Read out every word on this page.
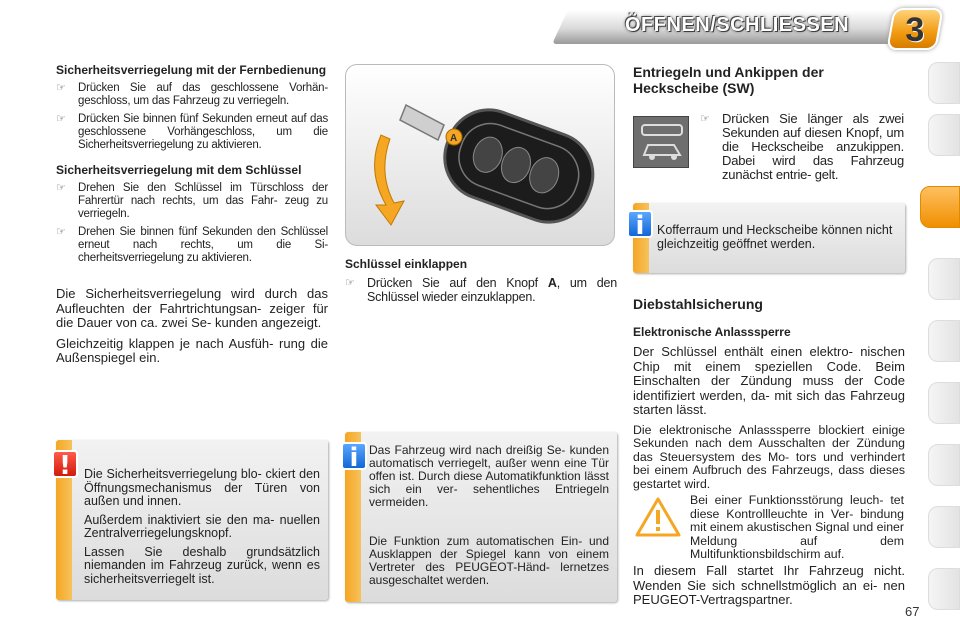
ÖFFNEN/SCHLIESSEN	3
Sicherheitsverriegelung mit der Fernbedienung
☞	Drücken Sie auf das geschlossene Vorhän- geschloss, um das Fahrzeug zu verriegeln.
☞	Drücken Sie binnen fünf Sekunden erneut auf das geschlossene Vorhängeschloss, um die Sicherheitsverriegelung zu aktivieren.
Sicherheitsverriegelung mit dem Schlüssel
☞	Drehen Sie den Schlüssel im Türschloss der Fahrertür nach rechts, um das Fahr- zeug zu verriegeln.
☞	Drehen Sie binnen fünf Sekunden den Schlüssel erneut nach rechts, um die Si- cherheitsverriegelung zu aktivieren.

Die Sicherheitsverriegelung wird durch das Aufleuchten der Fahrtrichtungsan- zeiger für die Dauer von ca. zwei Se- kunden angezeigt.

Gleichzeitig klappen je nach Ausfüh- rung die Außenspiegel ein.

Die Sicherheitsverriegelung blo- ckiert den Öffnungsmechanismus der Türen von außen und innen.

Außerdem inaktiviert sie den ma- nuellen Zentralverriegelungsknopf.

Lassen Sie deshalb grundsätzlich niemanden im Fahrzeug zurück, wenn es sicherheitsverriegelt ist.

!
A
Schlüssel einklappen
☞ Drücken Sie auf den Knopf A, um den Schlüssel wieder einzuklappen.

Das Fahrzeug wird nach dreißig Se- kunden automatisch verriegelt, außer wenn eine Tür offen ist. Durch diese Automatikfunktion lässt sich ein ver- sehentliches Entriegeln vermeiden.

Die Funktion zum automatischen Ein- und Ausklappen der Spiegel kann von einem Vertreter des PEUGEOT-Händ- lernetzes ausgeschaltet werden.

i
Entriegeln und Ankippen der Heckscheibe (SW)
☞ Drücken Sie länger als zwei Sekunden auf diesen Knopf, um die Heckscheibe anzukippen. Dabei wird das Fahrzeug zunächst entrie- gelt.
Kofferraum und Heckscheibe können nicht gleichzeitig geöffnet werden.
i
Diebstahlsicherung
Elektronische Anlasssperre

Der Schlüssel enthält einen elektro- nischen Chip mit einem speziellen Code. Beim Einschalten der Zündung muss der Code identifiziert werden, da- mit sich das Fahrzeug starten lässt.

Die elektronische Anlasssperre blockiert einige Sekunden nach dem Ausschalten der Zündung das Steuersystem des Mo- tors und verhindert bei einem Aufbruch des Fahrzeugs, dass dieses gestartet wird.

Bei einer Funktionsstörung leuch- tet diese Kontrollleuchte in Ver- bindung mit einem akustischen Signal und einer Meldung auf dem Multifunktionsbildschirm auf.

In diesem Fall startet Ihr Fahrzeug nicht. Wenden Sie sich schnellstmöglich an ei- nen PEUGEOT-Vertragspartner.

67
